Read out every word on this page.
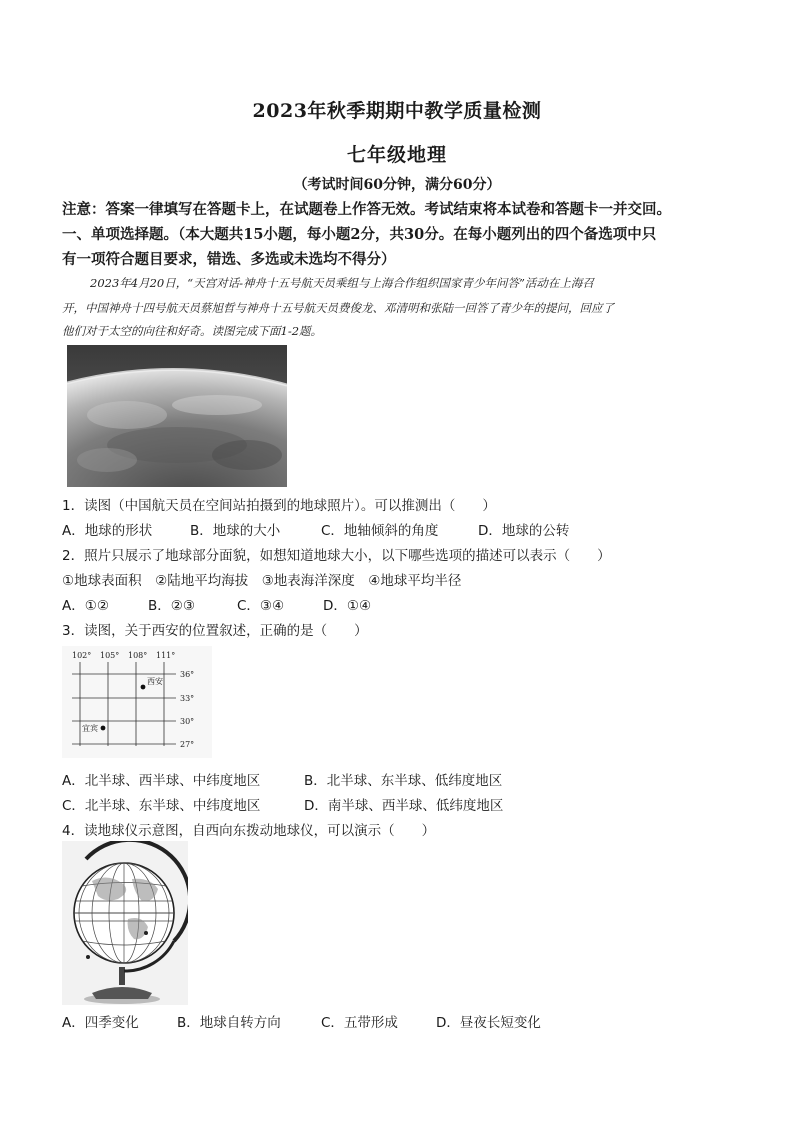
2023年秋季期期中教学质量检测
七年级地理
（考试时间60分钟，满分60分）
注意：答案一律填写在答题卡上，在试题卷上作答无效。考试结束将本试卷和答题卡一并交回。
一、单项选择题。（本大题共15小题，每小题2分，共30分。在每小题列出的四个备选项中只
有一项符合题目要求，错选、多选或未选均不得分）
2023年4月20日，“天宫对话-神舟十五号航天员乘组与上海合作组织国家青少年问答”活动在上海召
开，中国神舟十四号航天员蔡旭哲与神舟十五号航天员费俊龙、邓清明和张陆一回答了青少年的提问，回应了
他们对于太空的向往和好奇。读图完成下面1-2题。
1．读图（中国航天员在空间站拍摄到的地球照片）。可以推测出（　　）
A．地球的形状	B．地球的大小	C．地轴倾斜的角度	D．地球的公转
2．照片只展示了地球部分面貌，如想知道地球大小，以下哪些选项的描述可以表示（　　）
①地球表面积　②陆地平均海拔　③地表海洋深度　④地球平均半径
A．①②	B．②③	C．③④	D．①④
3．读图，关于西安的位置叙述，正确的是（　　）
102° 105° 108° 111°
36°
33°
30°
27°
西安
宜宾
A．北半球、西半球、中纬度地区	B．北半球、东半球、低纬度地区
C．北半球、东半球、中纬度地区	D．南半球、西半球、低纬度地区
4．读地球仪示意图，自西向东拨动地球仪，可以演示（　　）
A．四季变化	B．地球自转方向	C．五带形成	D．昼夜长短变化
